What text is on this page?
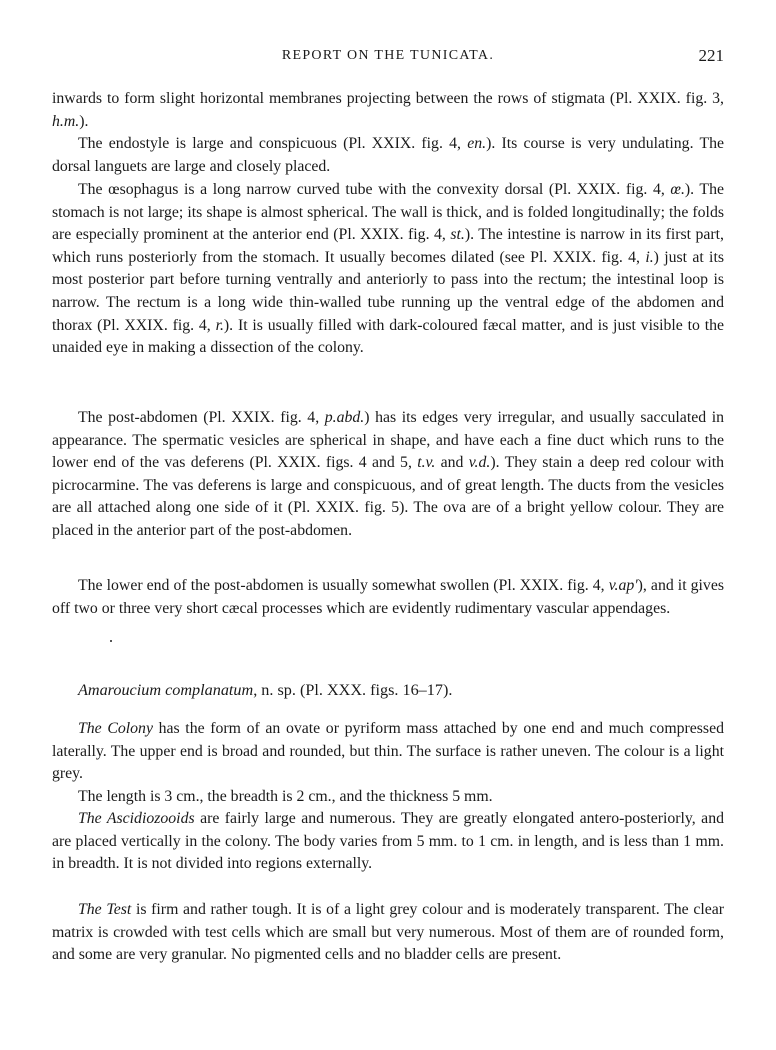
REPORT ON THE TUNICATA.	221

inwards to form slight horizontal membranes projecting between the rows of stigmata (Pl. XXIX. fig. 3, h.m.).

The endostyle is large and conspicuous (Pl. XXIX. fig. 4, en.). Its course is very undulating. The dorsal languets are large and closely placed.

The œsophagus is a long narrow curved tube with the convexity dorsal (Pl. XXIX. fig. 4, œ.). The stomach is not large; its shape is almost spherical. The wall is thick, and is folded longitudinally; the folds are especially prominent at the anterior end (Pl. XXIX. fig. 4, st.). The intestine is narrow in its first part, which runs posteriorly from the stomach. It usually becomes dilated (see Pl. XXIX. fig. 4, i.) just at its most posterior part before turning ventrally and anteriorly to pass into the rectum; the intestinal loop is narrow. The rectum is a long wide thin-walled tube running up the ventral edge of the abdomen and thorax (Pl. XXIX. fig. 4, r.). It is usually filled with dark-coloured fæcal matter, and is just visible to the unaided eye in making a dissection of the colony.

The post-abdomen (Pl. XXIX. fig. 4, p.abd.) has its edges very irregular, and usually sacculated in appearance. The spermatic vesicles are spherical in shape, and have each a fine duct which runs to the lower end of the vas deferens (Pl. XXIX. figs. 4 and 5, t.v. and v.d.). They stain a deep red colour with picrocarmine. The vas deferens is large and conspicuous, and of great length. The ducts from the vesicles are all attached along one side of it (Pl. XXIX. fig. 5). The ova are of a bright yellow colour. They are placed in the anterior part of the post-abdomen.

The lower end of the post-abdomen is usually somewhat swollen (Pl. XXIX. fig. 4, v.ap'), and it gives off two or three very short cæcal processes which are evidently rudimentary vascular appendages.

Amaroucium complanatum, n. sp. (Pl. XXX. figs. 16–17).

The Colony has the form of an ovate or pyriform mass attached by one end and much compressed laterally. The upper end is broad and rounded, but thin. The surface is rather uneven. The colour is a light grey.

The length is 3 cm., the breadth is 2 cm., and the thickness 5 mm.

The Ascidiozooids are fairly large and numerous. They are greatly elongated antero-posteriorly, and are placed vertically in the colony. The body varies from 5 mm. to 1 cm. in length, and is less than 1 mm. in breadth. It is not divided into regions externally.

The Test is firm and rather tough. It is of a light grey colour and is moderately transparent. The clear matrix is crowded with test cells which are small but very numerous. Most of them are of rounded form, and some are very granular. No pigmented cells and no bladder cells are present.
